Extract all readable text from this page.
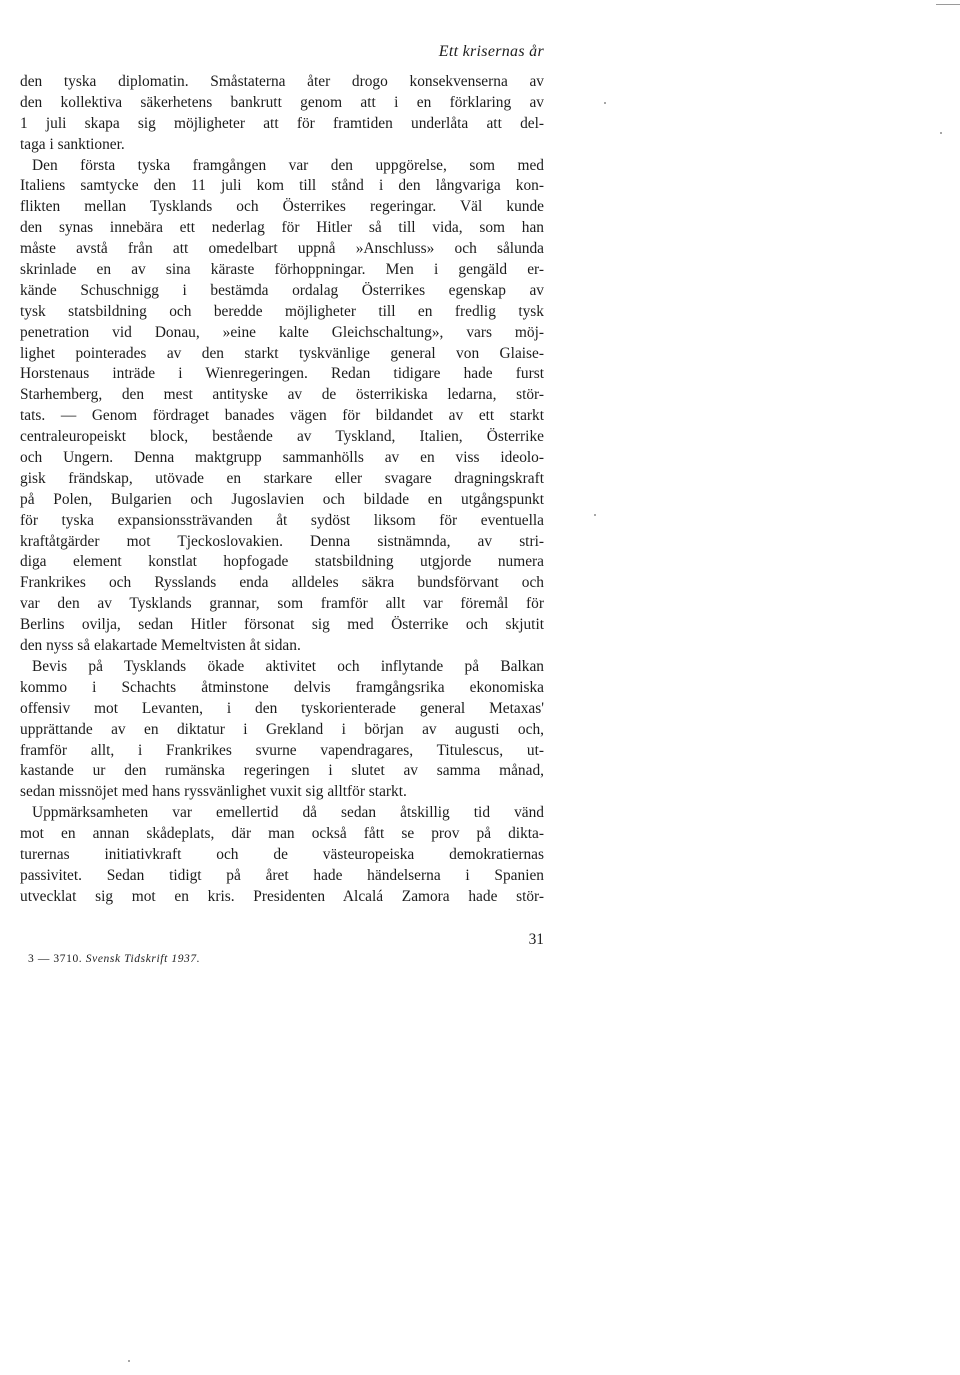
Ett krisernas år
den tyska diplomatin. Småstaterna åter drogo konsekvenserna av
den kollektiva säkerhetens bankrutt genom att i en förklaring av
1 juli skapa sig möjligheter att för framtiden underlåta att del-
taga i sanktioner.
Den första tyska framgången var den uppgörelse, som med
Italiens samtycke den 11 juli kom till stånd i den långvariga kon-
flikten mellan Tysklands och Österrikes regeringar. Väl kunde
den synas innebära ett nederlag för Hitler så till vida, som han
måste avstå från att omedelbart uppnå »Anschluss» och sålunda
skrinlade en av sina käraste förhoppningar. Men i gengäld er-
kände Schuschnigg i bestämda ordalag Österrikes egenskap av
tysk statsbildning och beredde möjligheter till en fredlig tysk
penetration vid Donau, »eine kalte Gleichschaltung», vars möj-
lighet pointerades av den starkt tyskvänlige general von Glaise-
Horstenaus inträde i Wienregeringen. Redan tidigare hade furst
Starhemberg, den mest antityske av de österrikiska ledarna, stör-
tats. — Genom fördraget banades vägen för bildandet av ett starkt
centraleuropeiskt block, bestående av Tyskland, Italien, Österrike
och Ungern. Denna maktgrupp sammanhölls av en viss ideolo-
gisk frändskap, utövade en starkare eller svagare dragningskraft
på Polen, Bulgarien och Jugoslavien och bildade en utgångspunkt
för tyska expansionssträvanden åt sydöst liksom för eventuella
kraftåtgärder mot Tjeckoslovakien. Denna sistnämnda, av stri-
diga element konstlat hopfogade statsbildning utgjorde numera
Frankrikes och Rysslands enda alldeles säkra bundsförvant och
var den av Tysklands grannar, som framför allt var föremål för
Berlins ovilja, sedan Hitler försonat sig med Österrike och skjutit
den nyss så elakartade Memeltvisten åt sidan.
Bevis på Tysklands ökade aktivitet och inflytande på Balkan
kommo i Schachts åtminstone delvis framgångsrika ekonomiska
offensiv mot Levanten, i den tyskorienterade general Metaxas'
upprättande av en diktatur i Grekland i början av augusti och,
framför allt, i Frankrikes svurne vapendragares, Titulescus, ut-
kastande ur den rumänska regeringen i slutet av samma månad,
sedan missnöjet med hans ryssvänlighet vuxit sig alltför starkt.
Uppmärksamheten var emellertid då sedan åtskillig tid vänd
mot en annan skådeplats, där man också fått se prov på dikta-
turernas initiativkraft och de västeuropeiska demokratiernas
passivitet. Sedan tidigt på året hade händelserna i Spanien
utvecklat sig mot en kris. Presidenten Alcalá Zamora hade stör-
31
3 — 3710. Svensk Tidskrift 1937.
